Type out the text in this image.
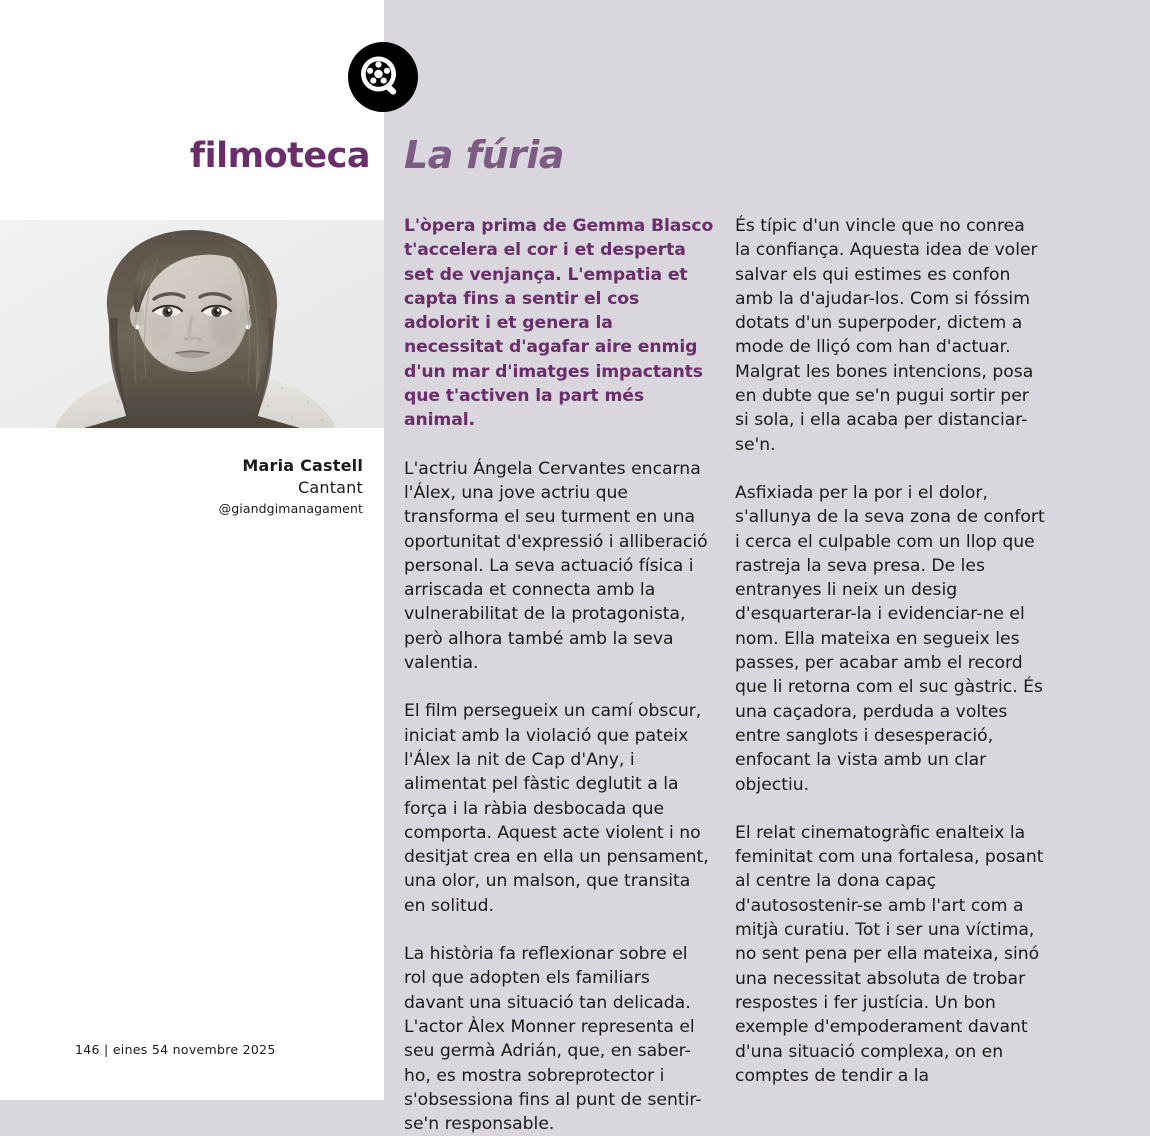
filmoteca La fúria
Maria Castell
Cantant
@giandgimanagament

L'òpera prima de Gemma Blasco t'accelera el cor i et desperta set de venjança. L'empatia et capta fins a sentir el cos adolorit i et genera la necessitat d'agafar aire enmig d'un mar d'imatges impactants que t'activen la part més animal.

L'actriu Ángela Cervantes encarna l'Álex, una jove actriu que transforma el seu turment en una oportunitat d'expressió i alliberació personal. La seva actuació física i arriscada et connecta amb la vulnerabilitat de la protagonista, però alhora també amb la seva valentia.

El film persegueix un camí obscur, iniciat amb la violació que pateix l'Álex la nit de Cap d'Any, i alimentat pel fàstic deglutit a la força i la ràbia desbocada que comporta. Aquest acte violent i no desitjat crea en ella un pensament, una olor, un malson, que transita en solitud.

La història fa reflexionar sobre el rol que adopten els familiars davant una situació tan delicada. L'actor Àlex Monner representa el seu germà Adrián, que, en saber-ho, es mostra sobreprotector i s'obsessiona fins al punt de sentir-se'n responsable.

És típic d'un vincle que no conrea la confiança. Aquesta idea de voler salvar els qui estimes es confon amb la d'ajudar-los. Com si fóssim dotats d'un superpoder, dictem a mode de lliçó com han d'actuar. Malgrat les bones intencions, posa en dubte que se'n pugui sortir per si sola, i ella acaba per distanciar-se'n.

Asfixiada per la por i el dolor, s'allunya de la seva zona de confort i cerca el culpable com un llop que rastreja la seva presa. De les entranyes li neix un desig d'esquarterar-la i evidenciar-ne el nom. Ella mateixa en segueix les passes, per acabar amb el record que li retorna com el suc gàstric. És una caçadora, perduda a voltes entre sanglots i desesperació, enfocant la vista amb un clar objectiu.

El relat cinematogràfic enalteix la feminitat com una fortalesa, posant al centre la dona capaç d'autosostenir-se amb l'art com a mitjà curatiu. Tot i ser una víctima, no sent pena per ella mateixa, sinó una necessitat absoluta de trobar respostes i fer justícia. Un bon exemple d'empoderament davant d'una situació complexa, on en comptes de tendir a la

146 | eines 54 novembre 2025
